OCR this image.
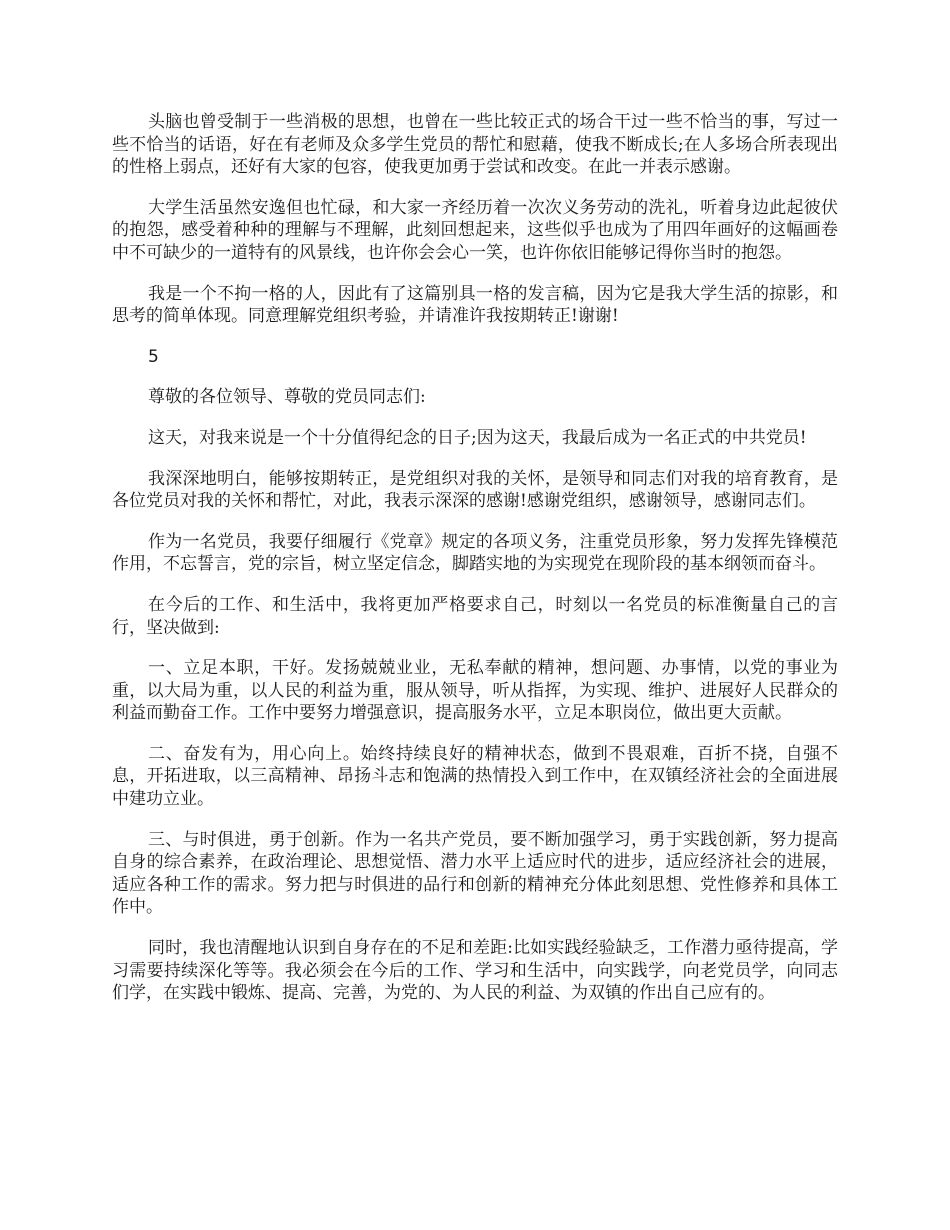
头脑也曾受制于一些消极的思想，也曾在一些比较正式的场合干过一些不恰当的事，写过一些不恰当的话语，好在有老师及众多学生党员的帮忙和慰藉，使我不断成长;在人多场合所表现出的性格上弱点，还好有大家的包容，使我更加勇于尝试和改变。在此一并表示感谢。

大学生活虽然安逸但也忙碌，和大家一齐经历着一次次义务劳动的洗礼，听着身边此起彼伏的抱怨，感受着种种的理解与不理解，此刻回想起来，这些似乎也成为了用四年画好的这幅画卷中不可缺少的一道特有的风景线，也许你会会心一笑，也许你依旧能够记得你当时的抱怨。

我是一个不拘一格的人，因此有了这篇别具一格的发言稿，因为它是我大学生活的掠影，和思考的简单体现。同意理解党组织考验，并请准许我按期转正!谢谢!

5

尊敬的各位领导、尊敬的党员同志们:

这天，对我来说是一个十分值得纪念的日子;因为这天，我最后成为一名正式的中共党员!

我深深地明白，能够按期转正，是党组织对我的关怀，是领导和同志们对我的培育教育，是各位党员对我的关怀和帮忙，对此，我表示深深的感谢!感谢党组织，感谢领导，感谢同志们。

作为一名党员，我要仔细履行《党章》规定的各项义务，注重党员形象，努力发挥先锋模范作用，不忘誓言，党的宗旨，树立坚定信念，脚踏实地的为实现党在现阶段的基本纲领而奋斗。

在今后的工作、和生活中，我将更加严格要求自己，时刻以一名党员的标准衡量自己的言行，坚决做到:

一、立足本职，干好。发扬兢兢业业，无私奉献的精神，想问题、办事情，以党的事业为重，以大局为重，以人民的利益为重，服从领导，听从指挥，为实现、维护、进展好人民群众的利益而勤奋工作。工作中要努力增强意识，提高服务水平，立足本职岗位，做出更大贡献。

二、奋发有为，用心向上。始终持续良好的精神状态，做到不畏艰难，百折不挠，自强不息，开拓进取，以三高精神、昂扬斗志和饱满的热情投入到工作中，在双镇经济社会的全面进展中建功立业。

三、与时俱进，勇于创新。作为一名共产党员，要不断加强学习，勇于实践创新，努力提高自身的综合素养，在政治理论、思想觉悟、潜力水平上适应时代的进步，适应经济社会的进展，适应各种工作的需求。努力把与时俱进的品行和创新的精神充分体此刻思想、党性修养和具体工作中。

同时，我也清醒地认识到自身存在的不足和差距:比如实践经验缺乏，工作潜力亟待提高，学习需要持续深化等等。我必须会在今后的工作、学习和生活中，向实践学，向老党员学，向同志们学，在实践中锻炼、提高、完善，为党的、为人民的利益、为双镇的作出自己应有的。
